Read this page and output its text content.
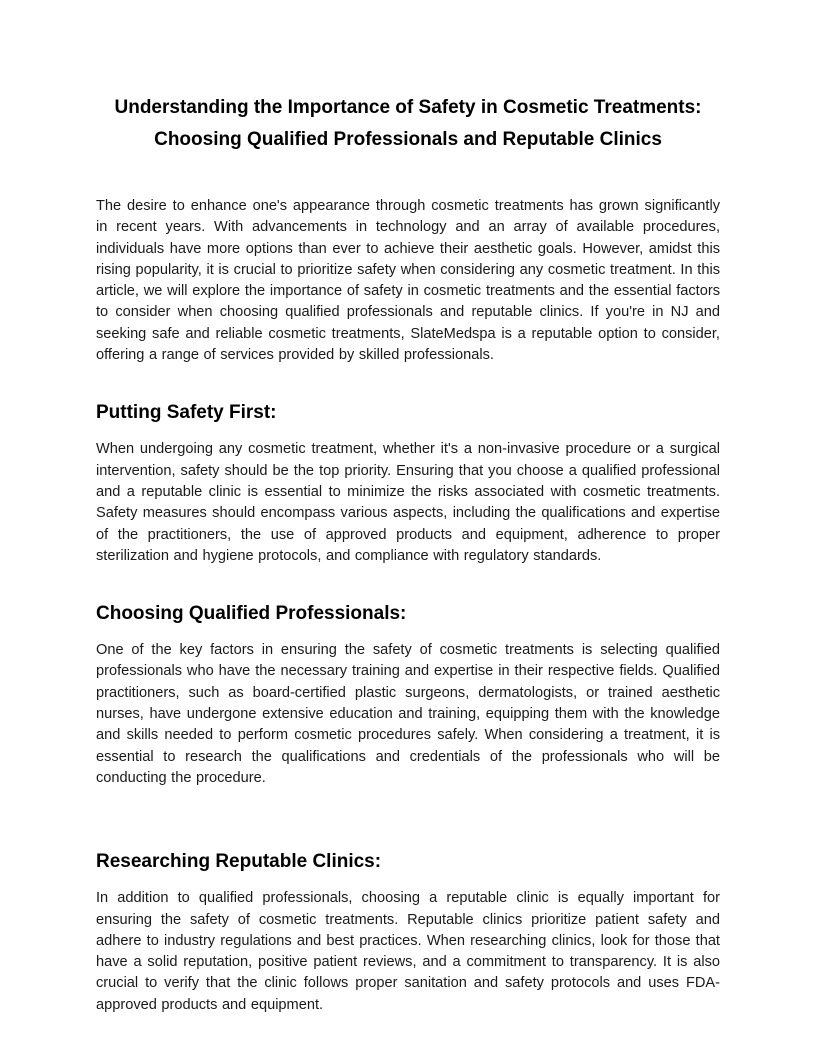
Understanding the Importance of Safety in Cosmetic Treatments:
Choosing Qualified Professionals and Reputable Clinics

The desire to enhance one's appearance through cosmetic treatments has grown significantly in recent years. With advancements in technology and an array of available procedures, individuals have more options than ever to achieve their aesthetic goals. However, amidst this rising popularity, it is crucial to prioritize safety when considering any cosmetic treatment. In this article, we will explore the importance of safety in cosmetic treatments and the essential factors to consider when choosing qualified professionals and reputable clinics. If you're in NJ and seeking safe and reliable cosmetic treatments, SlateMedspa is a reputable option to consider, offering a range of services provided by skilled professionals.

Putting Safety First:

When undergoing any cosmetic treatment, whether it's a non-invasive procedure or a surgical intervention, safety should be the top priority. Ensuring that you choose a qualified professional and a reputable clinic is essential to minimize the risks associated with cosmetic treatments. Safety measures should encompass various aspects, including the qualifications and expertise of the practitioners, the use of approved products and equipment, adherence to proper sterilization and hygiene protocols, and compliance with regulatory standards.

Choosing Qualified Professionals:

One of the key factors in ensuring the safety of cosmetic treatments is selecting qualified professionals who have the necessary training and expertise in their respective fields. Qualified practitioners, such as board-certified plastic surgeons, dermatologists, or trained aesthetic nurses, have undergone extensive education and training, equipping them with the knowledge and skills needed to perform cosmetic procedures safely. When considering a treatment, it is essential to research the qualifications and credentials of the professionals who will be conducting the procedure.

Researching Reputable Clinics:

In addition to qualified professionals, choosing a reputable clinic is equally important for ensuring the safety of cosmetic treatments. Reputable clinics prioritize patient safety and adhere to industry regulations and best practices. When researching clinics, look for those that have a solid reputation, positive patient reviews, and a commitment to transparency. It is also crucial to verify that the clinic follows proper sanitation and safety protocols and uses FDA-approved products and equipment.
